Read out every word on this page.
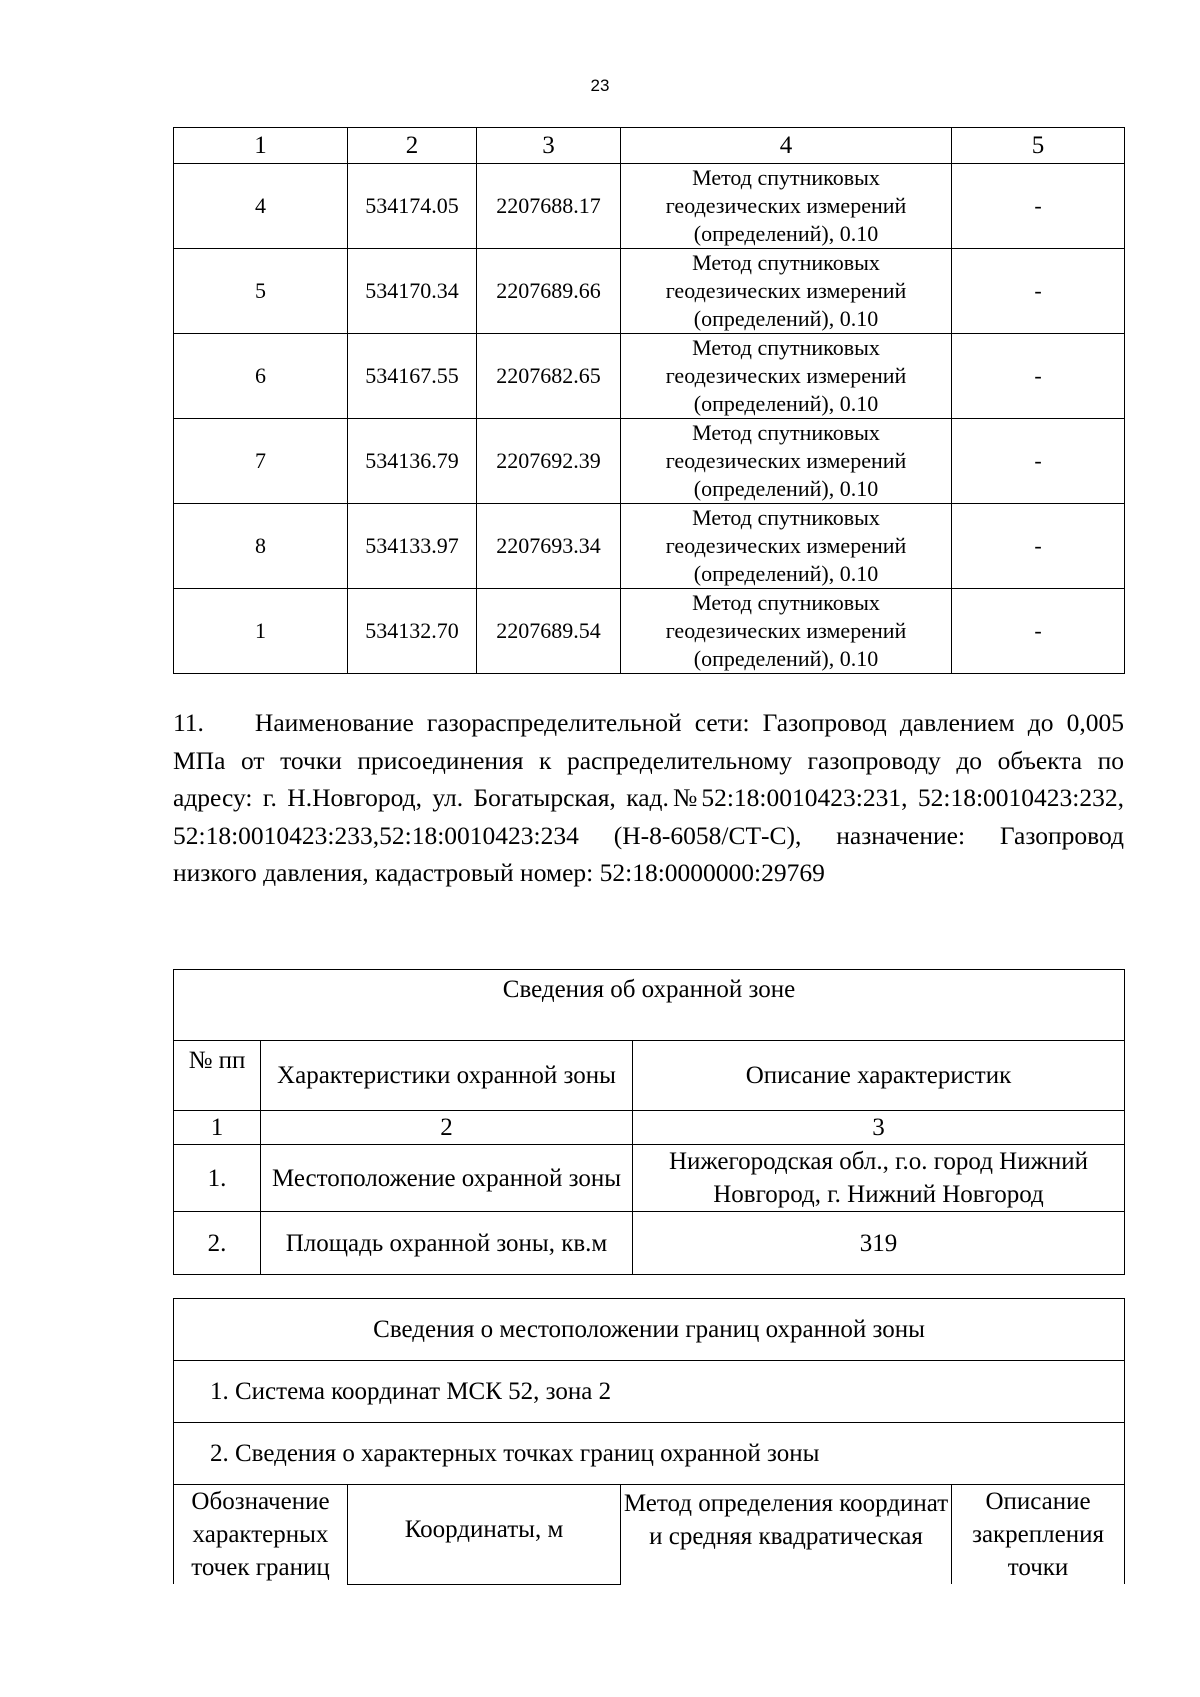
23
1	2	3	4	5
4	534174.05	2207688.17	Метод спутниковых
геодезических измерений
(определений), 0.10	-
5	534170.34	2207689.66	Метод спутниковых
геодезических измерений
(определений), 0.10	-
6	534167.55	2207682.65	Метод спутниковых
геодезических измерений
(определений), 0.10	-
7	534136.79	2207692.39	Метод спутниковых
геодезических измерений
(определений), 0.10	-
8	534133.97	2207693.34	Метод спутниковых
геодезических измерений
(определений), 0.10	-
1	534132.70	2207689.54	Метод спутниковых
геодезических измерений
(определений), 0.10	-
11.  Наименование газораспределительной сети: Газопровод давлением до 0,005 МПа от точки присоединения к распределительному газопроводу до объекта по адресу: г. Н.Новгород, ул. Богатырская, кад.№52:18:0010423:231, 52:18:0010423:232, 52:18:0010423:233,52:18:0010423:234 (Н-8-6058/СТ-С), назначение: Газопровод низкого давления, кадастровый номер: 52:18:0000000:29769
Сведения об охранной зоне		
№ пп	Характеристики охранной зоны	Описание характеристик
1	2	3
1.	Местоположение охранной зоны	Нижегородская обл., г.о. город Нижний Новгород, г. Нижний Новгород
2.	Площадь охранной зоны, кв.м	319
Сведения о местоположении границ охранной зоны
1. Система координат МСК 52, зона 2
2. Сведения о характерных точках границ охранной зоны
Обозначение характерных точек границ	Координаты, м	Метод определения координат и средняя квадратическая	Описание закрепления точки
